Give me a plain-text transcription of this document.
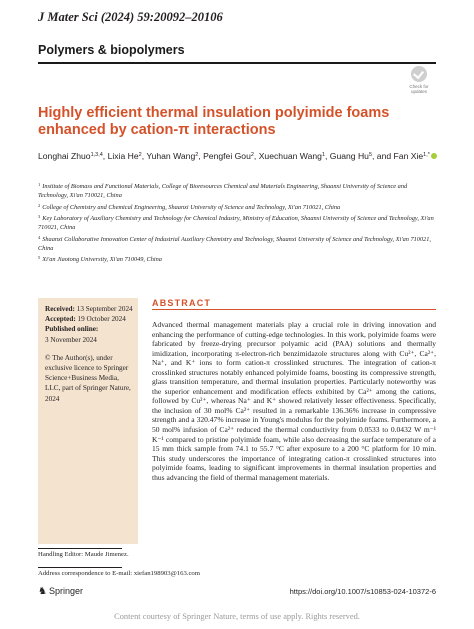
J Mater Sci (2024) 59:20092–20106
Polymers & biopolymers
Check for updates
Highly efficient thermal insulation polyimide foams enhanced by cation-π interactions
Longhai Zhuo$^{1,3,4}$, Lixia He$^2$, Yuhan Wang$^2$, Pengfei Gou$^2$, Xuechuan Wang$^1$, Guang Hu$^5$, and Fan Xie$^{1,*}$
$^1$ Institute of Biomass and Functional Materials, College of Bioresources Chemical and Materials Engineering, Shaanxi University of Science and Technology, Xi'an 710021, China
$^2$ College of Chemistry and Chemical Engineering, Shaanxi University of Science and Technology, Xi'an 710021, China
$^3$ Key Laboratory of Auxiliary Chemistry and Technology for Chemical Industry, Ministry of Education, Shaanxi University of Science and Technology, Xi'an 710021, China
$^4$ Shaanxi Collaborative Innovation Center of Industrial Auxiliary Chemistry and Technology, Shaanxi University of Science and Technology, Xi'an 710021, China
$^5$ Xi'an Jiaotong University, Xi'an 710049, China
Received: 13 September 2024
Accepted: 19 October 2024
Published online:
3 November 2024
© The Author(s), under exclusive licence to Springer Science+Business Media, LLC, part of Springer Nature, 2024
ABSTRACT
Advanced thermal management materials play a crucial role in driving innovation and enhancing the performance of cutting-edge technologies. In this work, polyimide foams were fabricated by freeze-drying precursor polyamic acid (PAA) solutions and thermally imidization, incorporating π-electron-rich benzimidazole structures along with Cu²⁺, Ca²⁺, Na⁺, and K⁺ ions to form cation-π crosslinked structures. The integration of cation-π crosslinked structures notably enhanced polyimide foams, boosting its compressive strength, glass transition temperature, and thermal insulation properties. Particularly noteworthy was the superior enhancement and modification effects exhibited by Ca²⁺ among the cations, followed by Cu²⁺, whereas Na⁺ and K⁺ showed relatively lesser effectiveness. Specifically, the inclusion of 30 mol% Ca²⁺ resulted in a remarkable 136.36% increase in compressive strength and a 320.47% increase in Young's modulus for the polyimide foams. Furthermore, a 50 mol% infusion of Ca²⁺ reduced the thermal conductivity from 0.0533 to 0.0432 W m⁻¹ K⁻¹ compared to pristine polyimide foam, while also decreasing the surface temperature of a 15 mm thick sample from 74.1 to 55.7 °C after exposure to a 200 °C platform for 10 min. This study underscores the importance of integrating cation-π crosslinked structures into polyimide foams, leading to significant improvements in thermal insulation properties and thus advancing the field of thermal management materials.
Handling Editor: Maude Jimenez.
Address correspondence to E-mail: xiefan198903@163.com
♞ Springer	https://doi.org/10.1007/s10853-024-10372-6
Content courtesy of Springer Nature, terms of use apply. Rights reserved.
